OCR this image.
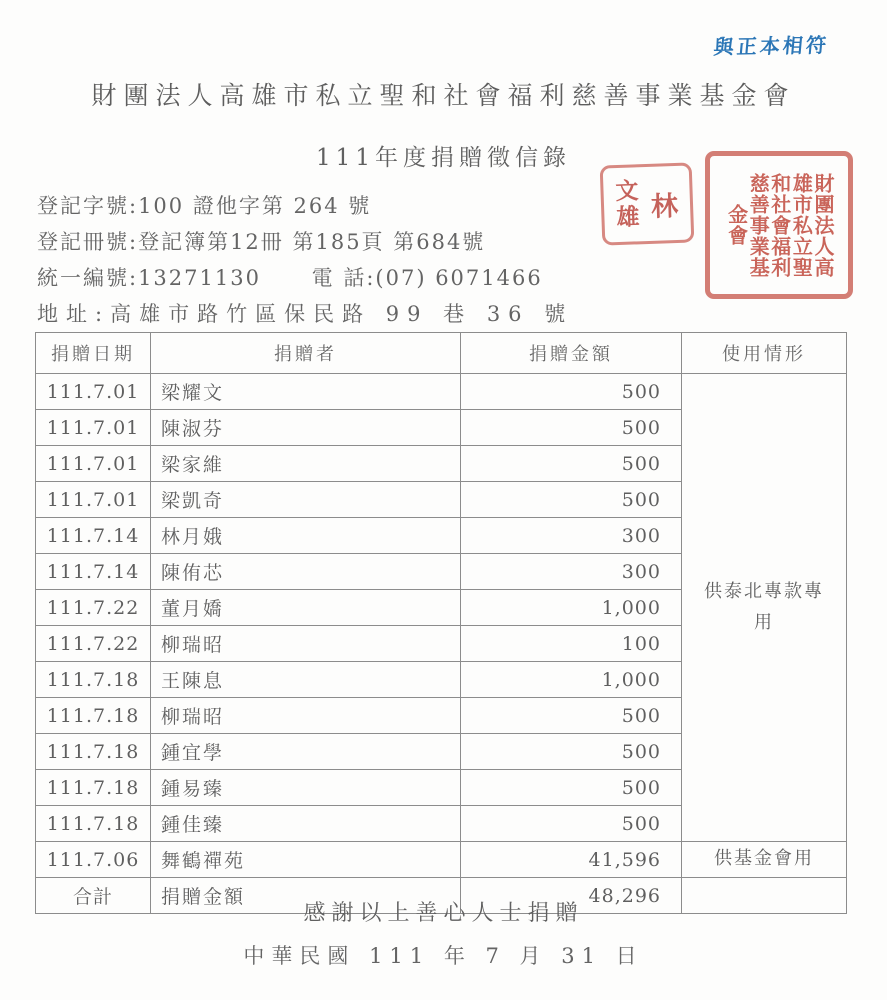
與正本相符
財團法人高雄市私立聖和社會福利慈善事業基金會
111年度捐贈徵信錄
登記字號:100 證他字第 264 號
登記冊號:登記簿第12冊 第185頁 第684號
統一編號:13271130 電 話:(07) 6071466
地址:高雄市路竹區保民路 99 巷 36 號
文雄 林	財團法人高雄市私立聖和社會福利慈善事業基金會
捐贈日期	捐贈者	捐贈金額	使用情形
111.7.01	梁耀文	500	供泰北專款專用
111.7.01	陳淑芬	500	
111.7.01	梁家維	500	
111.7.01	梁凱奇	500	
111.7.14	林月娥	300	
111.7.14	陳侑芯	300	
111.7.22	董月嬌	1,000	
111.7.22	柳瑞昭	100	
111.7.18	王陳息	1,000	
111.7.18	柳瑞昭	500	
111.7.18	鍾宜學	500	
111.7.18	鍾易臻	500	
111.7.18	鍾佳臻	500	
111.7.06	舞鶴禪苑	41,596	供基金會用
合計	捐贈金額	48,296	
感謝以上善心人士捐贈
中華民國 111 年 7 月 31 日
